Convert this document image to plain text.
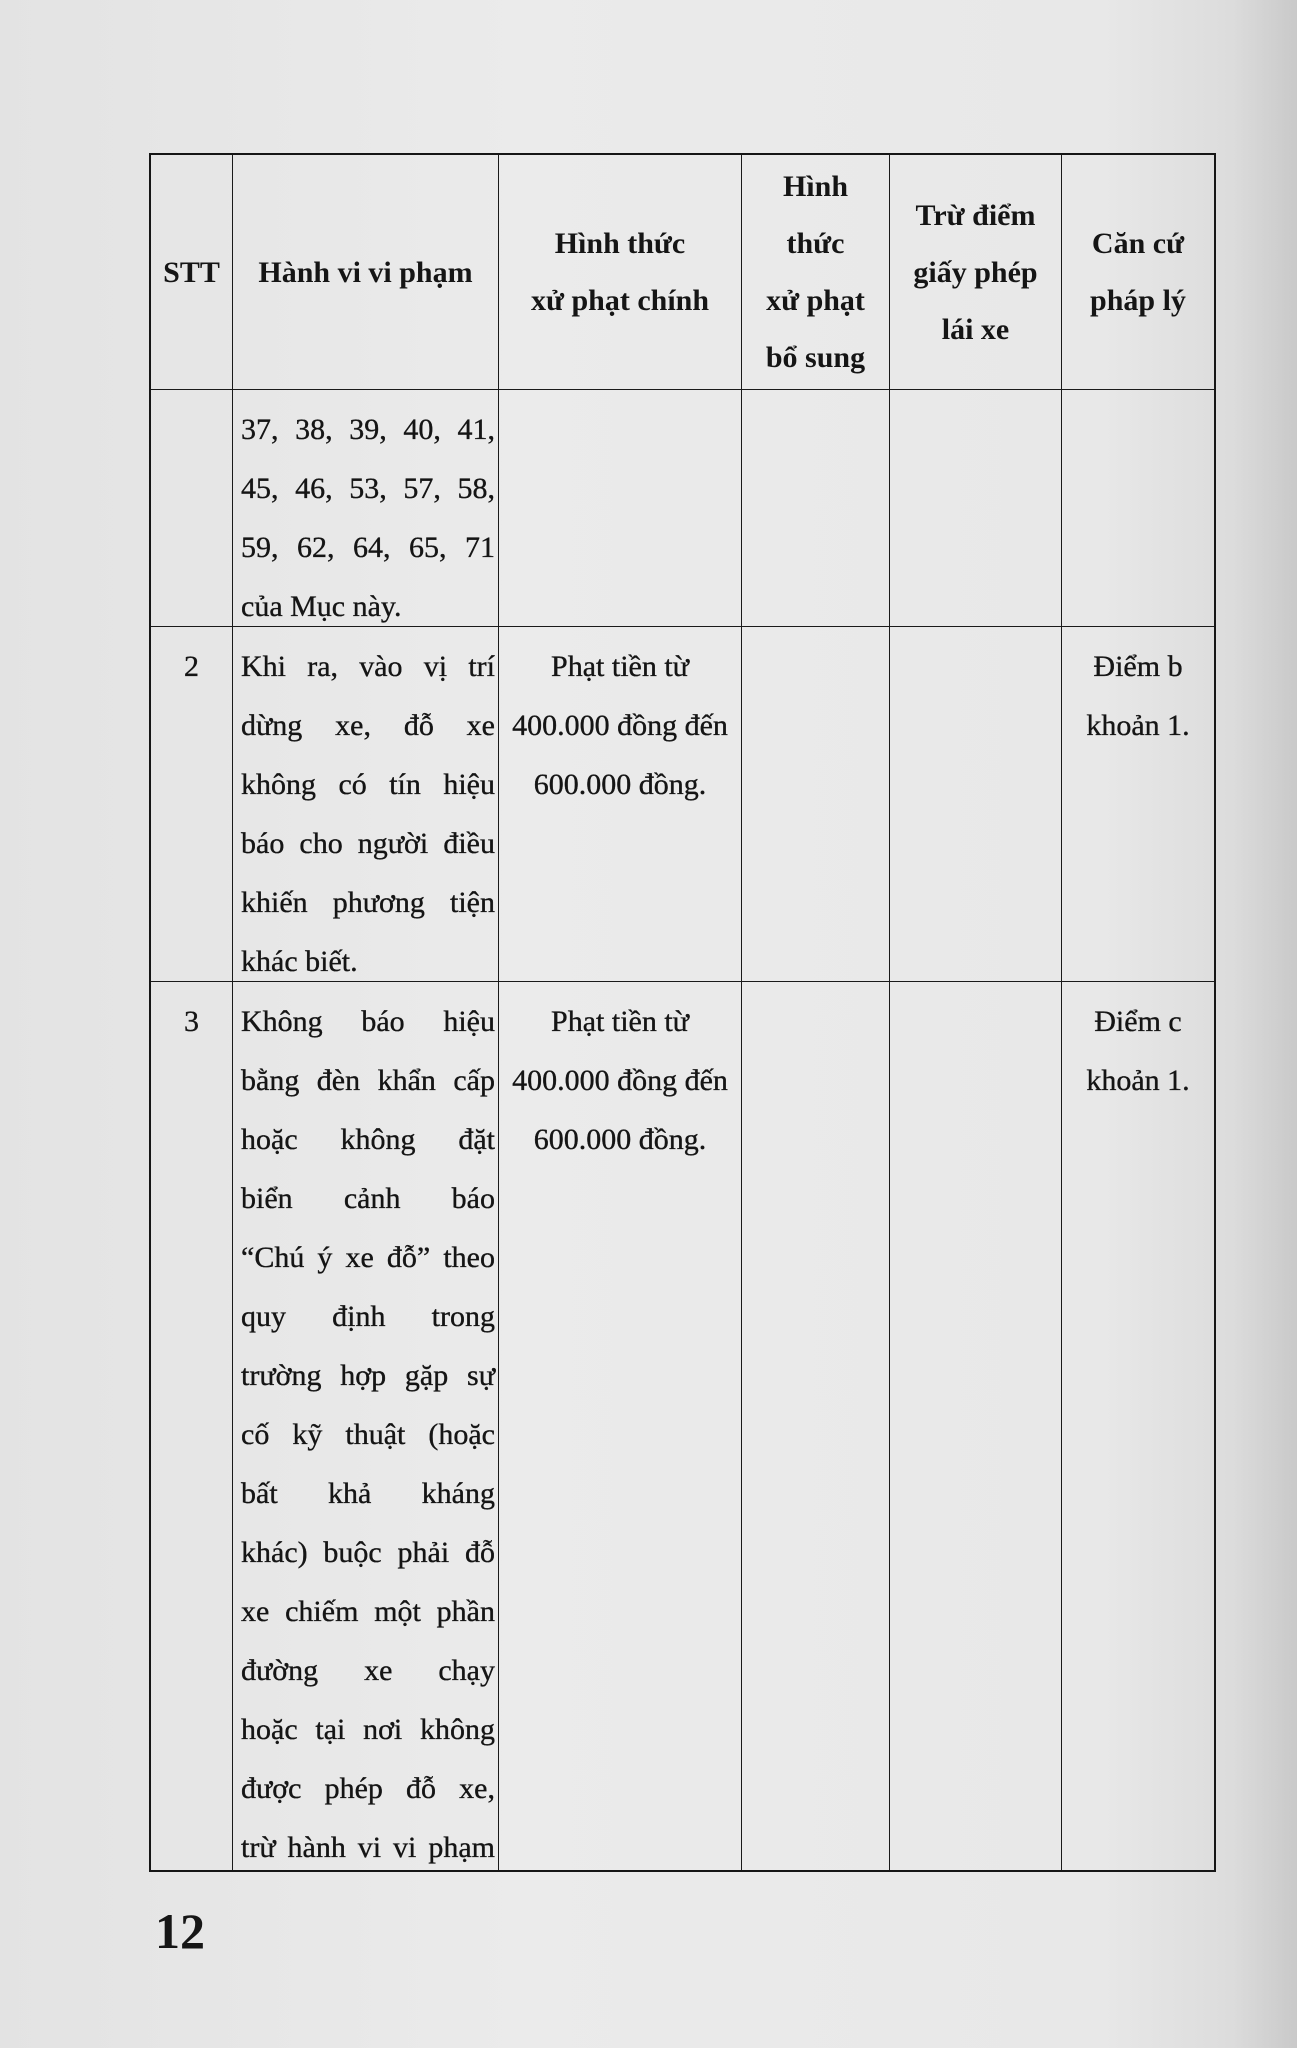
STT Hành vi vi phạm
Hình thức
xử phạt chính
Hình
thức
xử phạt
bổ sung
Trừ điểm
giấy phép
lái xe
Căn cứ
pháp lý
37, 38, 39, 40, 41,
45, 46, 53, 57, 58,
59, 62, 64, 65, 71
của Mục này.
2	Khi ra, vào vị trí
dừng xe, đỗ xe
không có tín hiệu
báo cho người điều
khiến phương tiện
khác biết.
Phạt tiền từ
400.000 đồng đến
600.000 đồng.
Điểm b
khoản 1.
3	Không báo hiệu
bằng đèn khẩn cấp
hoặc không đặt
biển cảnh báo
“Chú ý xe đỗ” theo
quy định trong
trường hợp gặp sự
cố kỹ thuật (hoặc
bất khả kháng
khác) buộc phải đỗ
xe chiếm một phần
đường xe chạy
hoặc tại nơi không
được phép đỗ xe,
trừ hành vi vi phạm
Phạt tiền từ
400.000 đồng đến
600.000 đồng.
Điểm c
khoản 1.
12
